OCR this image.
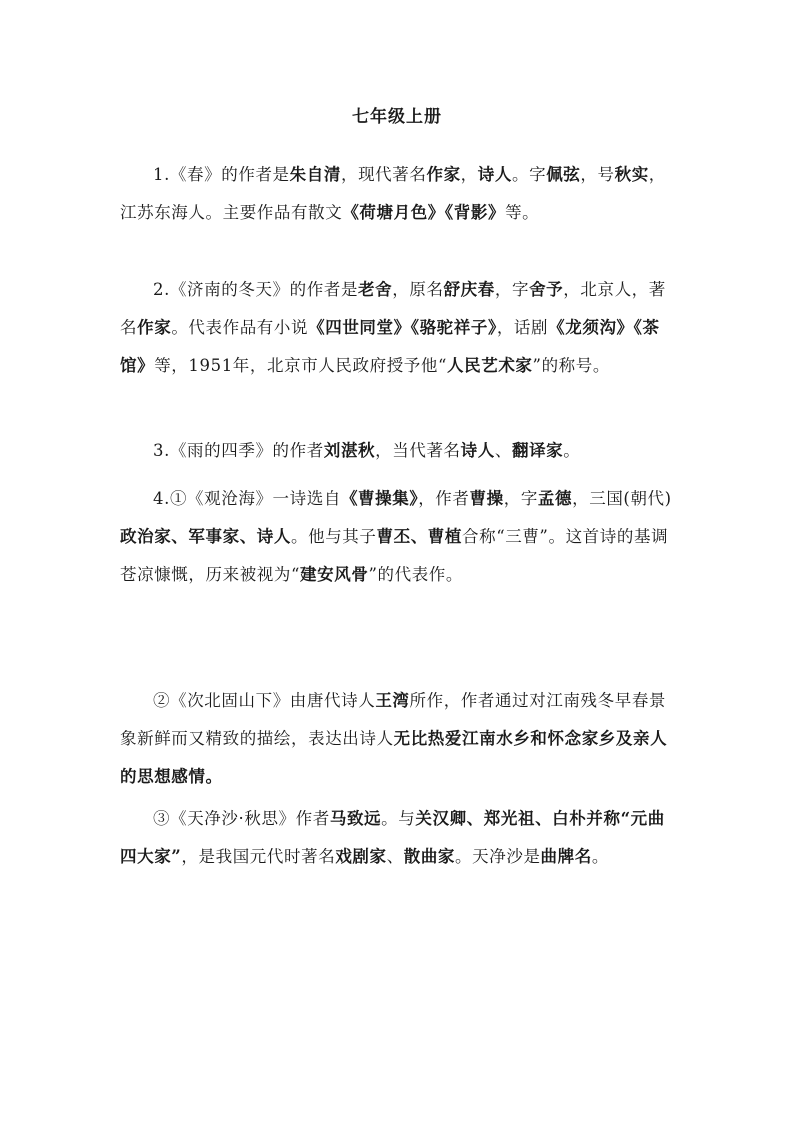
七年级上册

1.《春》的作者是朱自清，现代著名作家，诗人。字佩弦，号秋实，江苏东海人。主要作品有散文《荷塘月色》《背影》等。

2.《济南的冬天》的作者是老舍，原名舒庆春，字舍予，北京人，著名作家。代表作品有小说《四世同堂》《骆驼祥子》，话剧《龙须沟》《茶馆》等，1951年，北京市人民政府授予他“人民艺术家”的称号。

3.《雨的四季》的作者刘湛秋，当代著名诗人、翻译家。

4.①《观沧海》一诗选自《曹操集》，作者曹操，字孟德，三国(朝代)政治家、军事家、诗人。他与其子曹丕、曹植合称“三曹”。这首诗的基调苍凉慷慨，历来被视为“建安风骨”的代表作。

②《次北固山下》由唐代诗人王湾所作，作者通过对江南残冬早春景象新鲜而又精致的描绘，表达出诗人无比热爱江南水乡和怀念家乡及亲人的思想感情。

③《天净沙·秋思》作者马致远。与关汉卿、郑光祖、白朴并称“元曲四大家”，是我国元代时著名戏剧家、散曲家。天净沙是曲牌名。
